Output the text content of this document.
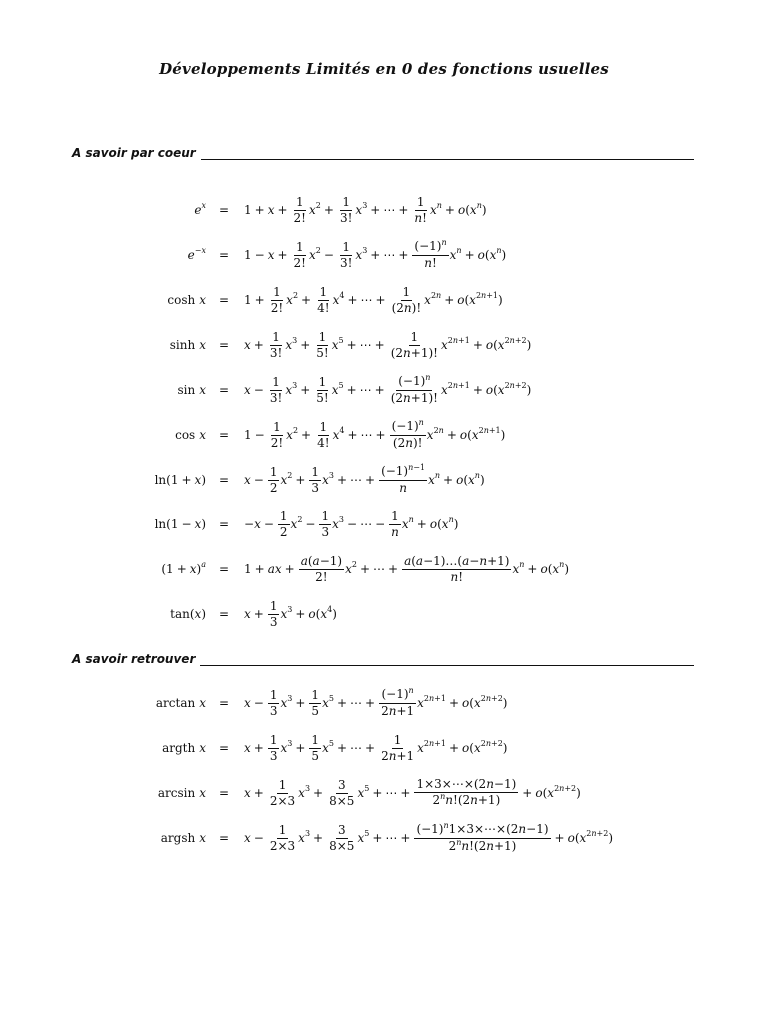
Développements Limités en 0 des fonctions usuelles
A savoir par coeur
e $^x = 1 + x + \frac{1}{2!} x^2 + \frac{1}{3!} x^3$ + ⋯ + $\frac{1}{n!}$ x $^n$ + o ( x $^n$ )
$e^{-x} = 1 - x + \frac{1}{2!} x^2 - \frac{1}{3!} x^3$ + ⋯ + $\frac{(-1)^n}{n!}$ x $^n$ + o ( x $^n$ )
$\cosh x = 1 + \frac{1}{2!} x^2 + \frac{1}{4!} x^4$ + ⋯ + $\frac{1}{(2n)!} x^{2n} + o$ ( $x^{2n+1}$ )
$\sinh x = x + \frac{1}{3!} x^3 + \frac{1}{5!} x^5$ + ⋯ + $\frac{1}{(2n+1)!} x^{2n+1} + o$ ( $x^{2n+2}$ )
$\sin x = x - \frac{1}{3!} x^3 + \frac{1}{5!} x^5$ + ⋯ + $\frac{(-1)^n}{(2n+1)!} x^{2n+1} + o$ ( $x^{2n+2}$ )
$\cos x = 1 - \frac{1}{2!} x^2 + \frac{1}{4!} x^4$ + ⋯ + $\frac{(-1)^n}{(2n)!} x^{2n} + o$ ( $x^{2n+1}$ )
ln(1 + x ) = $x - \frac{1}{2} x^2 + \frac{1}{3} x^3$ + ⋯ + $\frac{(-1)^{n-1}}{n}$ x $^n$ + o ( x $^n$ )
ln(1 − x ) = − $x - \frac{1}{2} x^2 - \frac{1}{3} x^3$ − ⋯ − $\frac{1}{n}$ x $^n$ + o ( x $^n$ )
(1 + x ) $^a$ = 1 + ax + $\frac{a(a-1)}{2!} x^2$ + ⋯ + $\frac{a(a-1)\dots(a-n+1)}{n!}$ x $^n$ + o ( x $^n$ )
tan( x ) = $x + \frac{1}{3} x^3 + o$ ( $x^4$ )
A savoir retrouver
$\arctan x = x - \frac{1}{3} x^3 + \frac{1}{5} x^5$ + ⋯ + $\frac{(-1)^n}{2n+1} x^{2n+1} + o$ ( $x^{2n+2}$ )
argth $x = x + \frac{1}{3} x^3 + \frac{1}{5} x^5$ + ⋯ + $\frac{1}{2n+1} x^{2n+1} + o$ ( $x^{2n+2}$ )
$\arcsin x = x + \frac{1}{2\times 3} x^3 + \frac{3}{8\times 5} x^5$ + ⋯ + $\frac{1\times 3\times\cdots\times(2n-1)}{2^nn!(2n+1)} + o$ ( $x^{2n+2}$ )
argsh $x = x - \frac{1}{2\times 3} x^3 + \frac{3}{8\times 5} x^5$ + ⋯ + $\frac{(-1)^n1\times 3\times\cdots\times(2n-1)}{2^nn!(2n+1)} + o$ ( $x^{2n+2}$ )
